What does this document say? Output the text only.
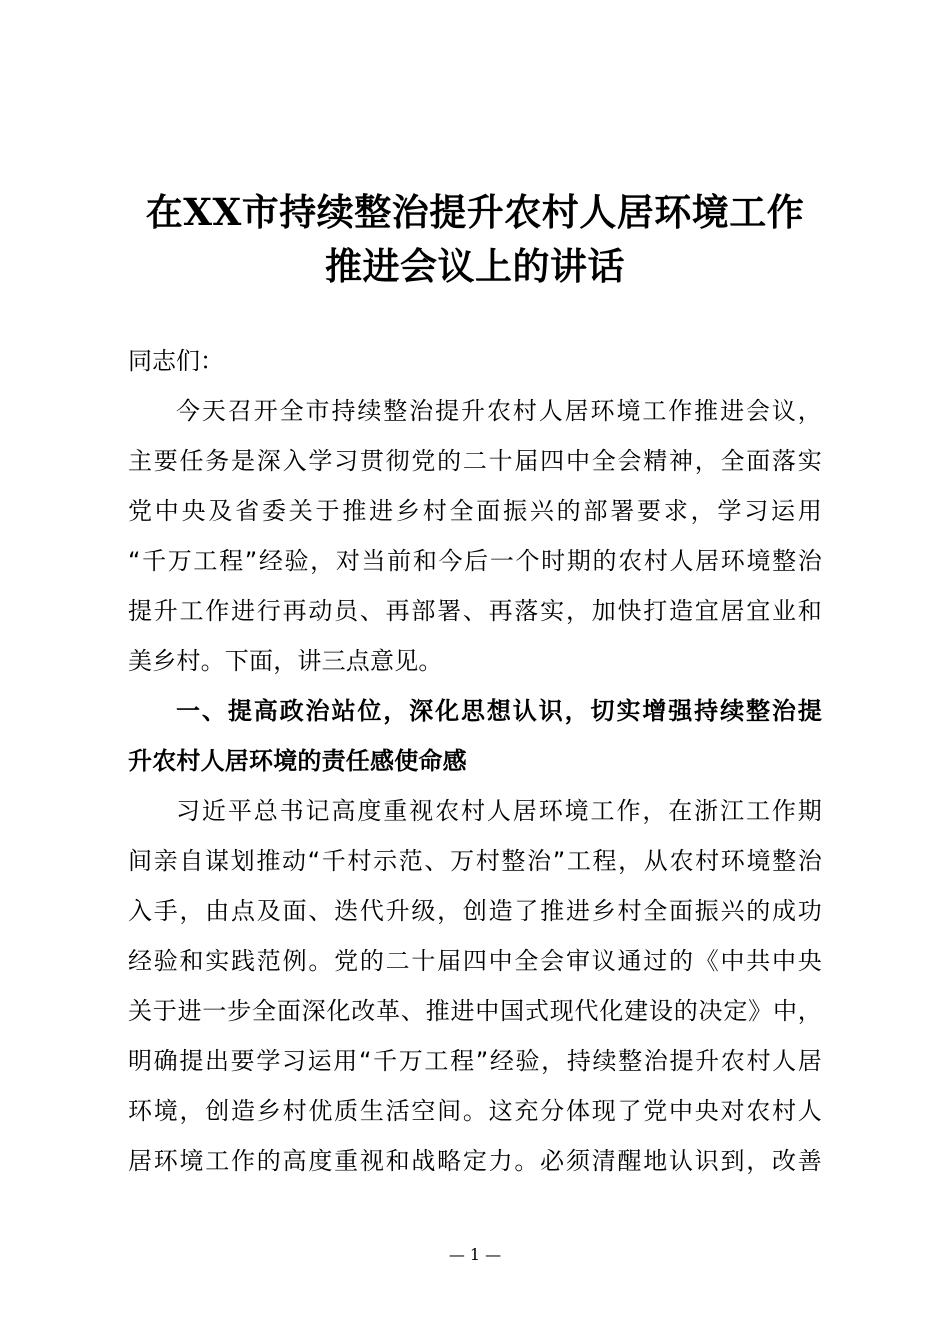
在XX市持续整治提升农村人居环境工作
推进会议上的讲话
同志们：
今天召开全市持续整治提升农村人居环境工作推进会议，
主要任务是深入学习贯彻党的二十届四中全会精神，全面落实
党中央及省委关于推进乡村全面振兴的部署要求，学习运用
“千万工程”经验，对当前和今后一个时期的农村人居环境整治
提升工作进行再动员、再部署、再落实，加快打造宜居宜业和
美乡村。下面，讲三点意见。
一、提高政治站位，深化思想认识，切实增强持续整治提
升农村人居环境的责任感使命感
习近平总书记高度重视农村人居环境工作，在浙江工作期
间亲自谋划推动“千村示范、万村整治”工程，从农村环境整治
入手，由点及面、迭代升级，创造了推进乡村全面振兴的成功
经验和实践范例。党的二十届四中全会审议通过的《中共中央
关于进一步全面深化改革、推进中国式现代化建设的决定》中，
明确提出要学习运用“千万工程”经验，持续整治提升农村人居
环境，创造乡村优质生活空间。这充分体现了党中央对农村人
居环境工作的高度重视和战略定力。必须清醒地认识到，改善
— 1 —
